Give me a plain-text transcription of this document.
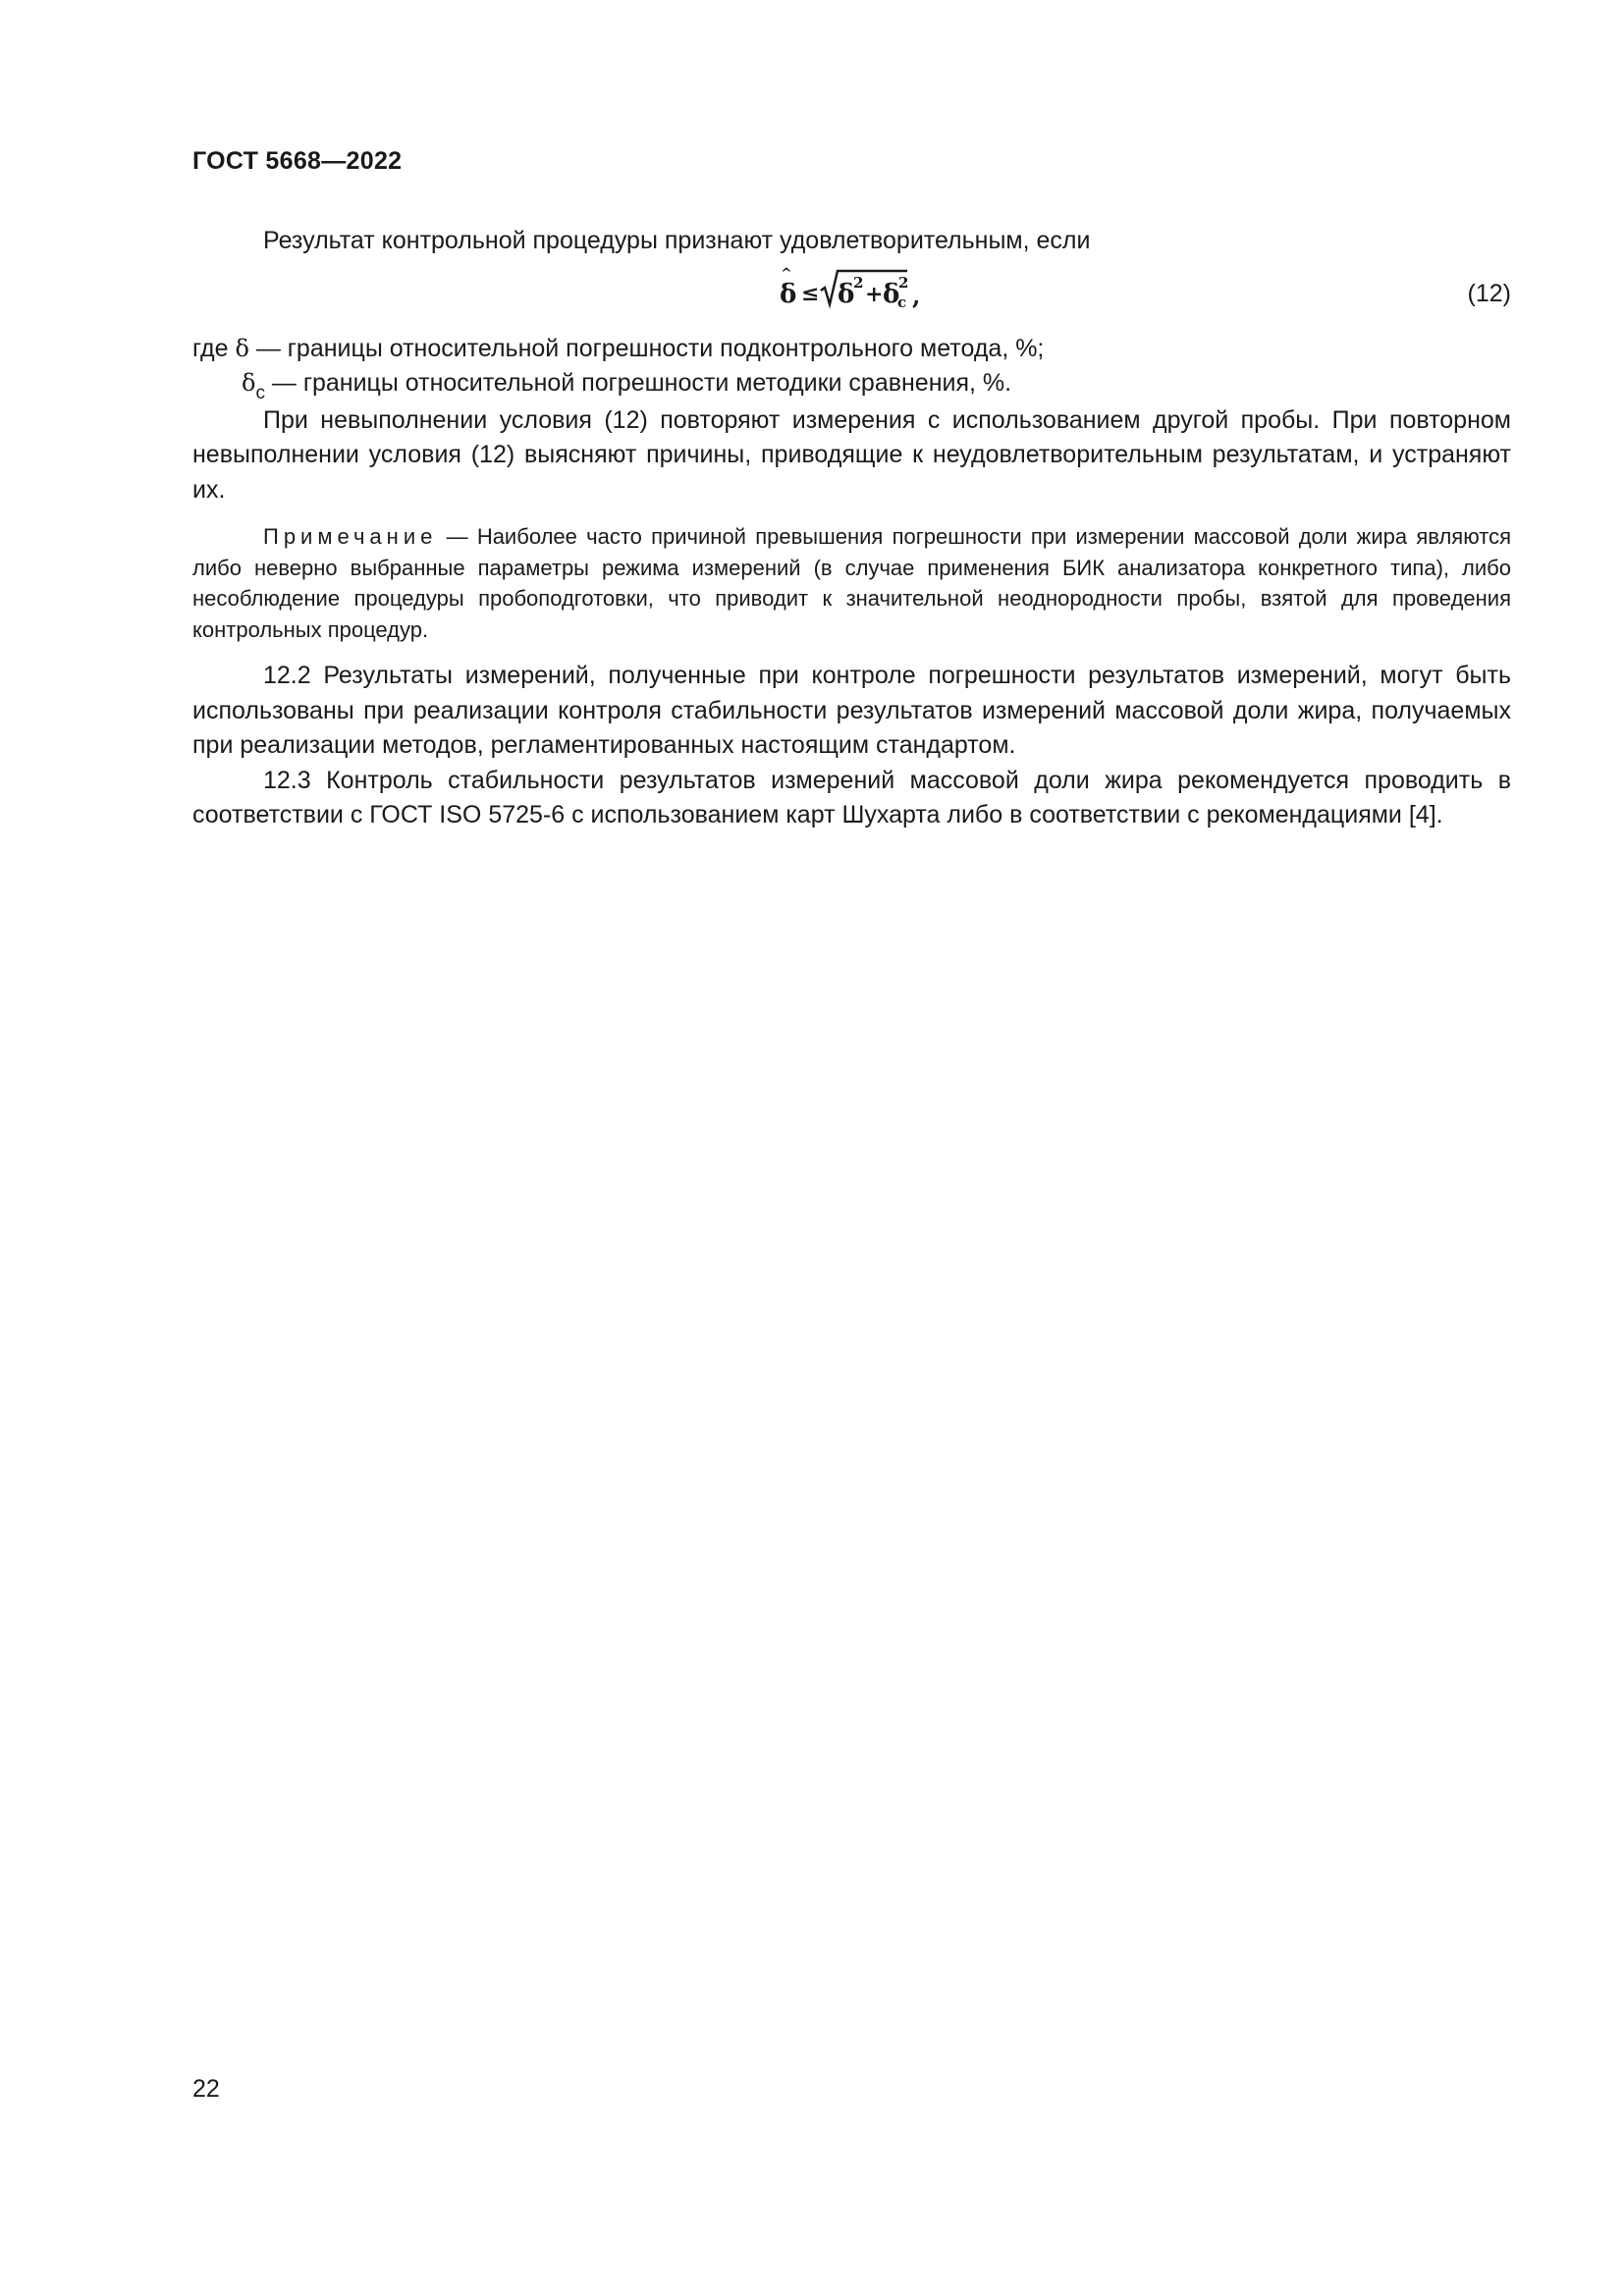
ГОСТ 5668—2022

Результат контрольной процедуры признают удовлетворительным, если

^
δ ≤ δ
2 + δ
2
c ,	(12)

где δ — границы относительной погрешности подконтрольного метода, %;

$\delta_с$ — границы относительной погрешности методики сравнения, %.

При невыполнении условия (12) повторяют измерения с использованием другой пробы. При повторном невыполнении условия (12) выясняют причины, приводящие к неудовлетворительным результатам, и устраняют их.

Примечание — Наиболее часто причиной превышения погрешности при измерении массовой доли жира являются либо неверно выбранные параметры режима измерений (в случае применения БИК анализатора конкретного типа), либо несоблюдение процедуры пробоподготовки, что приводит к значительной неоднородности пробы, взятой для проведения контрольных процедур.

12.2 Результаты измерений, полученные при контроле погрешности результатов измерений, могут быть использованы при реализации контроля стабильности результатов измерений массовой доли жира, получаемых при реализации методов, регламентированных настоящим стандартом.

12.3 Контроль стабильности результатов измерений массовой доли жира рекомендуется проводить в соответствии с ГОСТ ISO 5725-6 с использованием карт Шухарта либо в соответствии с рекомендациями [4].

22
